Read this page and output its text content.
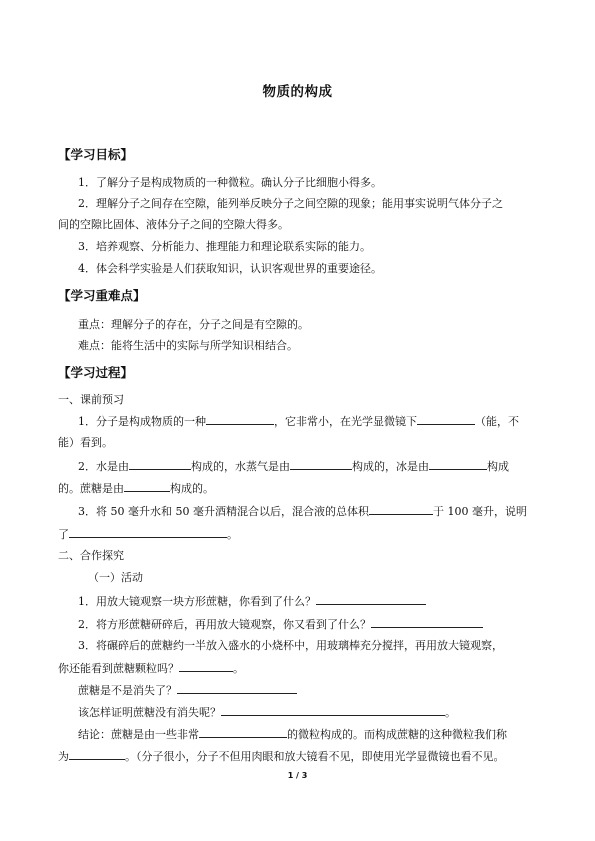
物质的构成
【学习目标】
1．了解分子是构成物质的一种微粒。确认分子比细胞小得多。
2．理解分子之间存在空隙，能列举反映分子之间空隙的现象；能用事实说明气体分子之
间的空隙比固体、液体分子之间的空隙大得多。
3．培养观察、分析能力、推理能力和理论联系实际的能力。
4．体会科学实验是人们获取知识，认识客观世界的重要途径。
【学习重难点】
重点：理解分子的存在，分子之间是有空隙的。
难点：能将生活中的实际与所学知识相结合。
【学习过程】
一、课前预习
1．分子是构成物质的一种	，它非常小，在光学显微镜下	（能，不
能）看到。
2．水是由	构成的，水蒸气是由	构成的，冰是由	构成
的。蔗糖是由	构成的。
3．将 50 毫升水和 50 毫升酒精混合以后，混合液的总体积	于 100 毫升，说明
了	。
二、合作探究
（一）活动
1．用放大镜观察一块方形蔗糖，你看到了什么？
2．将方形蔗糖研碎后，再用放大镜观察，你又看到了什么？
3．将碾碎后的蔗糖约一半放入盛水的小烧杯中，用玻璃棒充分搅拌，再用放大镜观察，
你还能看到蔗糖颗粒吗？	。
蔗糖是不是消失了？
该怎样证明蔗糖没有消失呢？	。
结论：蔗糖是由一些非常	的微粒构成的。而构成蔗糖的这种微粒我们称
为	。（分子很小，分子不但用肉眼和放大镜看不见，即使用光学显微镜也看不见。
1 / 3
